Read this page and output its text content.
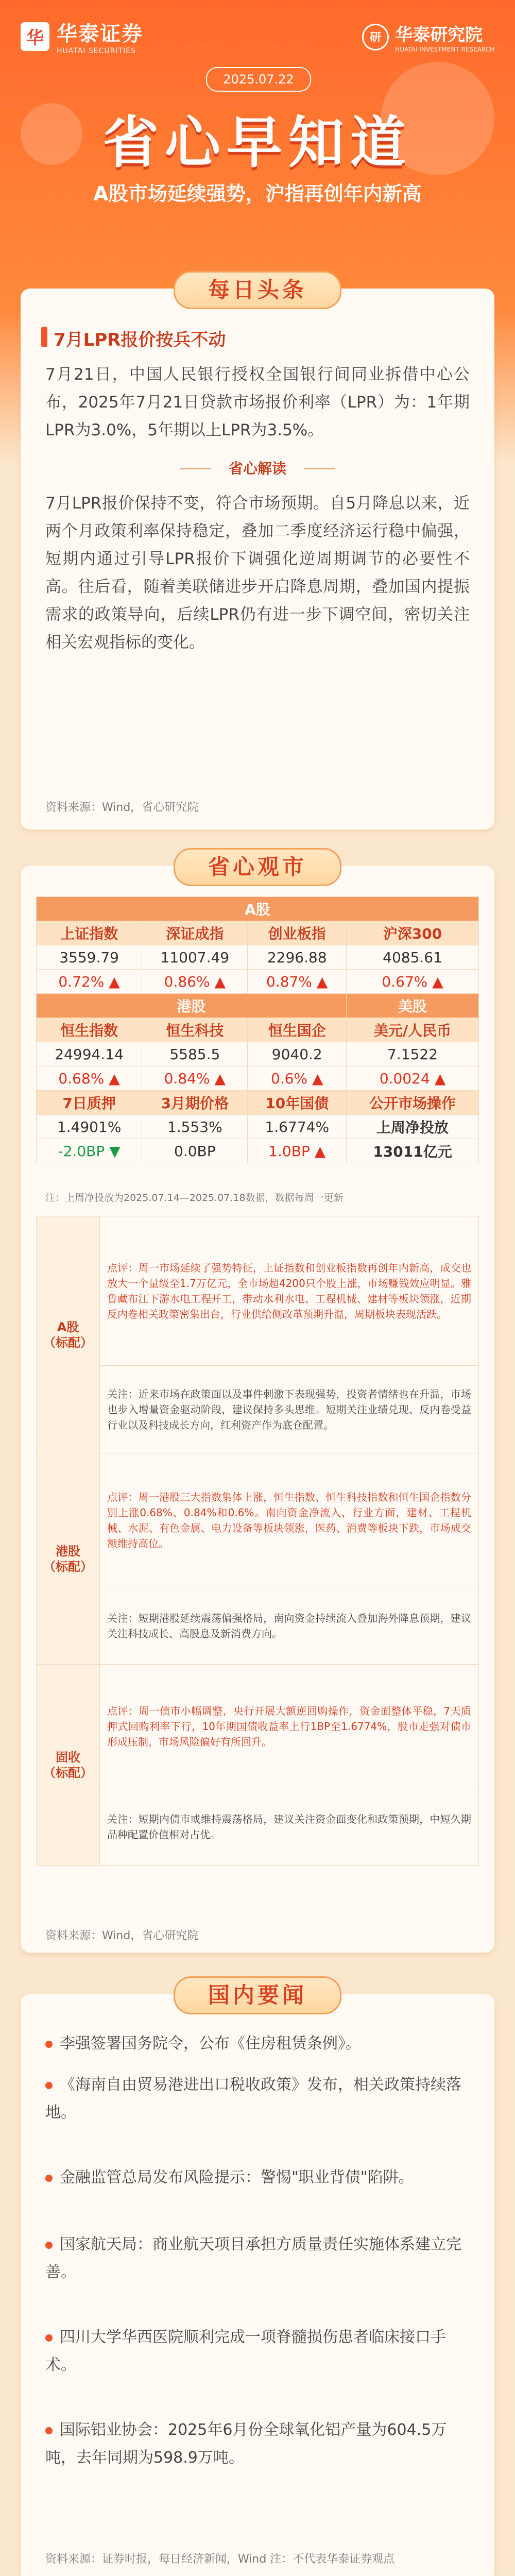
华 华泰证券
HUATAI SECURITIES
研 华泰研究院
HUATAI INVESTMENT RESEARCH
2025.07.22
省心早知道
A股市场延续强势，沪指再创年内新高
每日头条
7月LPR报价按兵不动
7月21日，中国人民银行授权全国银行间同业拆借中心公布，2025年7月21日贷款市场报价利率（LPR）为：1年期LPR为3.0%，5年期以上LPR为3.5%。
省心解读
7月LPR报价保持不变，符合市场预期。自5月降息以来，近两个月政策利率保持稳定，叠加二季度经济运行稳中偏强，短期内通过引导LPR报价下调强化逆周期调节的必要性不高。往后看，随着美联储进步开启降息周期，叠加国内提振需求的政策导向，后续LPR仍有进一步下调空间，密切关注相关宏观指标的变化。
资料来源：Wind，省心研究院
省心观市
A股			
上证指数	深证成指	创业板指	沪深300
3559.79	11007.49	2296.88	4085.61
0.72% ▲	0.86% ▲	0.87% ▲	0.67% ▲
港股			美股
恒生指数	恒生科技	恒生国企	美元/人民币
24994.14	5585.5	9040.2	7.1522
0.68% ▲	0.84% ▲	0.6% ▲	0.0024 ▲
7日质押	3月期价格	10年国债	公开市场操作
1.4901%	1.553%	1.6774%	上周净投放
-2.0BP ▼	0.0BP	1.0BP ▲	13011亿元
注：上周净投放为2025.07.14—2025.07.18数据，数据每周一更新
A股
（标配）	点评：周一市场延续了强势特征，上证指数和创业板指数再创年内新高，成交也放大一个量级至1.7万亿元，全市场超4200只个股上涨，市场赚钱效应明显。雅鲁藏布江下游水电工程开工，带动水利水电、工程机械、建材等板块领涨，近期反内卷相关政策密集出台，行业供给侧改革预期升温，周期板块表现活跃。
	关注：近来市场在政策面以及事件刺激下表现强势，投资者情绪也在升温，市场也步入增量资金驱动阶段，建议保持多头思维。短期关注业绩兑现、反内卷受益行业以及科技成长方向，红利资产作为底仓配置。
港股
（标配）	点评：周一港股三大指数集体上涨，恒生指数、恒生科技指数和恒生国企指数分别上涨0.68%、0.84%和0.6%。南向资金净流入，行业方面，建材、工程机械、水泥、有色金属、电力设备等板块领涨，医药、消费等板块下跌，市场成交额维持高位。
	关注：短期港股延续震荡偏强格局，南向资金持续流入叠加海外降息预期，建议关注科技成长、高股息及新消费方向。
固收
（标配）	点评：周一债市小幅调整，央行开展大额逆回购操作，资金面整体平稳，7天质押式回购利率下行，10年期国债收益率上行1BP至1.6774%，股市走强对债市形成压制，市场风险偏好有所回升。
	关注：短期内债市或维持震荡格局，建议关注资金面变化和政策预期，中短久期品种配置价值相对占优。
资料来源：Wind，省心研究院
国内要闻
李强签署国务院令，公布《住房租赁条例》。
《海南自由贸易港进出口税收政策》发布，相关政策持续落地。
金融监管总局发布风险提示：警惕"职业背债"陷阱。
国家航天局：商业航天项目承担方质量责任实施体系建立完善。
四川大学华西医院顺利完成一项脊髓损伤患者临床接口手术。
国际铝业协会：2025年6月份全球氧化铝产量为604.5万吨，去年同期为598.9万吨。
资料来源：证券时报，每日经济新闻，Wind 注：不代表华泰证券观点
